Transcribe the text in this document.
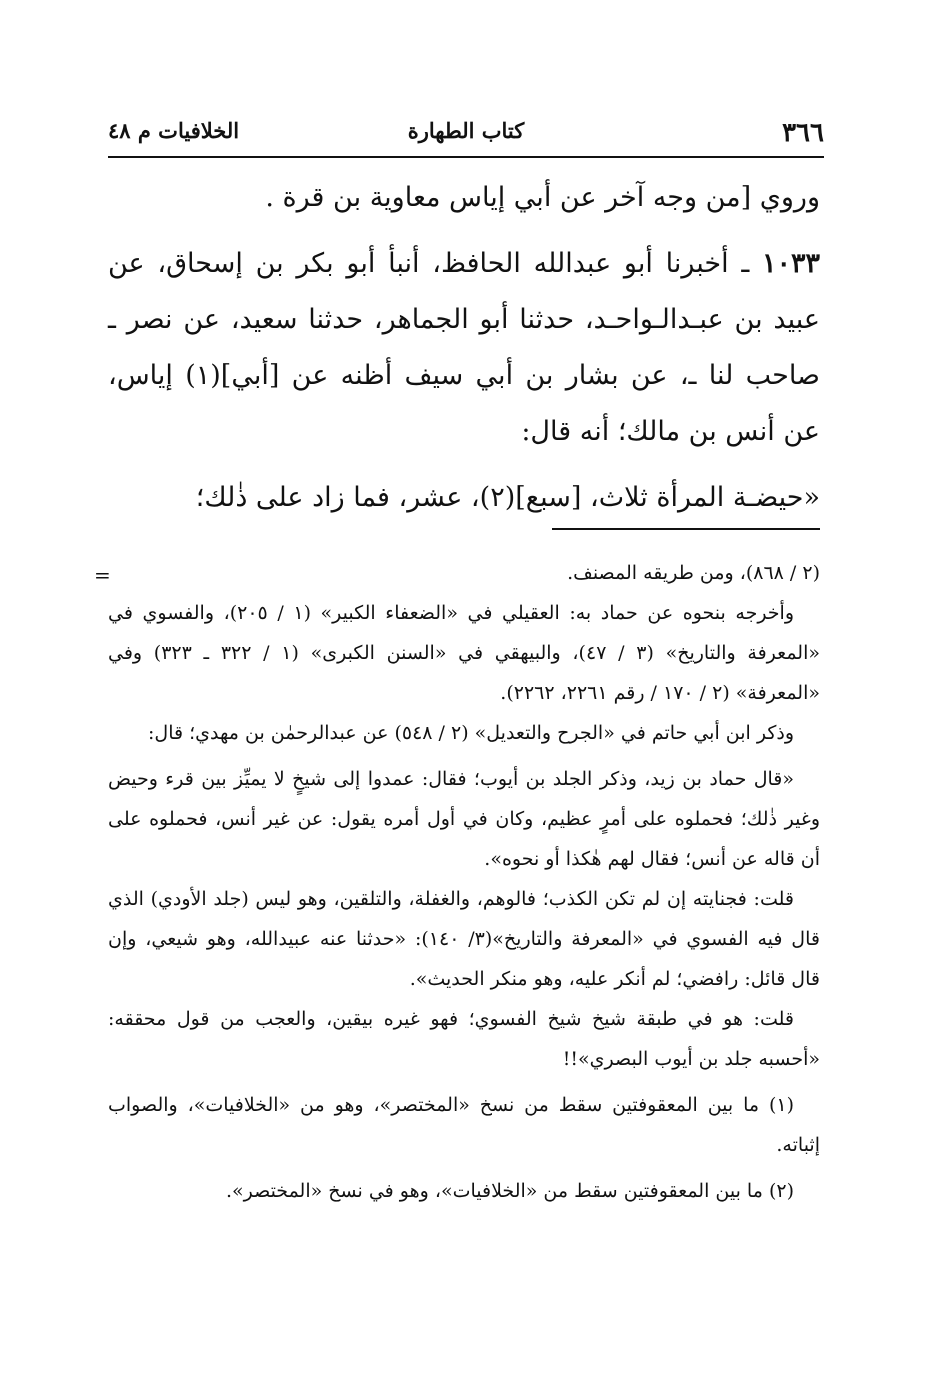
٣٦٦
كتاب الطهارة
الخلافيات م ٤٨

وروي [من وجه آخر عن أبي إياس معاوية بن قرة .

١٠٣٣ ـ أخبرنا أبو عبدالله الحافظ، أنبأ أبو بكر بن إسحاق، عن عبيد بن عبـدالـواحـد، حدثنا أبو الجماهر، حدثنا سعيد، عن نصر ـ صاحب لنا ـ، عن بشار بن أبي سيف أظنه عن [أبي](١) إياس، عن أنس بن مالك؛ أنه قال:

«حيضـة المرأة ثلاث، [سبع](٢)، عشر، فما زاد على ذٰلك؛

=	(٢ / ٨٦٨)، ومن طريقه المصنف.

وأخرجه بنحوه عن حماد به: العقيلي في «الضعفاء الكبير» (١ / ٢٠٥)، والفسوي في «المعرفة والتاريخ» (٣ / ٤٧)، والبيهقي في «السنن الكبرى» (١ / ٣٢٢ ـ ٣٢٣) وفي «المعرفة» (٢ / ١٧٠ / رقم ٢٢٦١، ٢٢٦٢).

وذكر ابن أبي حاتم في «الجرح والتعديل» (٢ / ٥٤٨) عن عبدالرحمٰن بن مهدي؛ قال:

«قال حماد بن زيد، وذكر الجلد بن أيوب؛ فقال: عمدوا إلى شيخٍ لا يميِّز بين قرء وحيض وغير ذٰلك؛ فحملوه على أمرٍ عظيم، وكان في أول أمره يقول: عن غير أنس، فحملوه على أن قاله عن أنس؛ فقال لهم هٰكذا أو نحوه».

قلت: فجنايته إن لم تكن الكذب؛ فالوهم، والغفلة، والتلقين، وهو ليس (جلد الأودي) الذي قال فيه الفسوي في «المعرفة والتاريخ»(٣/ ١٤٠): «حدثنا عنه عبيدالله، وهو شيعي، وإن قال قائل: رافضي؛ لم أنكر عليه، وهو منكر الحديث».

قلت: هو في طبقة شيخ شيخ الفسوي؛ فهو غيره بيقين، والعجب من قول محققه: «أحسبه جلد بن أيوب البصري»!!

(١) ما بين المعقوفتين سقط من نسخ «المختصر»، وهو من «الخلافيات»، والصواب إثباته.

(٢) ما بين المعقوفتين سقط من «الخلافيات»، وهو في نسخ «المختصر».
